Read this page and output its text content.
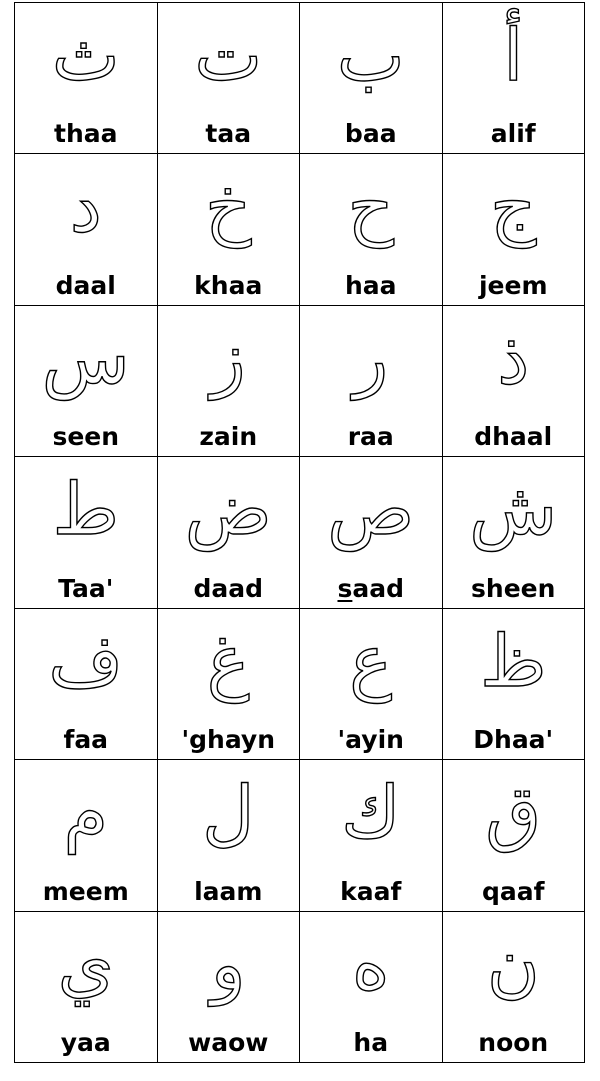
ث
thaa
ت
taa
ب
baa
أ
alif
د
daal
خ
khaa
ح
haa
ج
jeem
س
seen
ز
zain
ر
raa
ذ
dhaal
ط
Taa'
ض
daad
ص
saad
ش
sheen
ف
faa
غ
'ghayn
ع
'ayin
ظ
Dhaa'
م
meem
ل
laam
ك
kaaf
ق
qaaf
ي
yaa
و
waow
ه
ha
ن
noon
